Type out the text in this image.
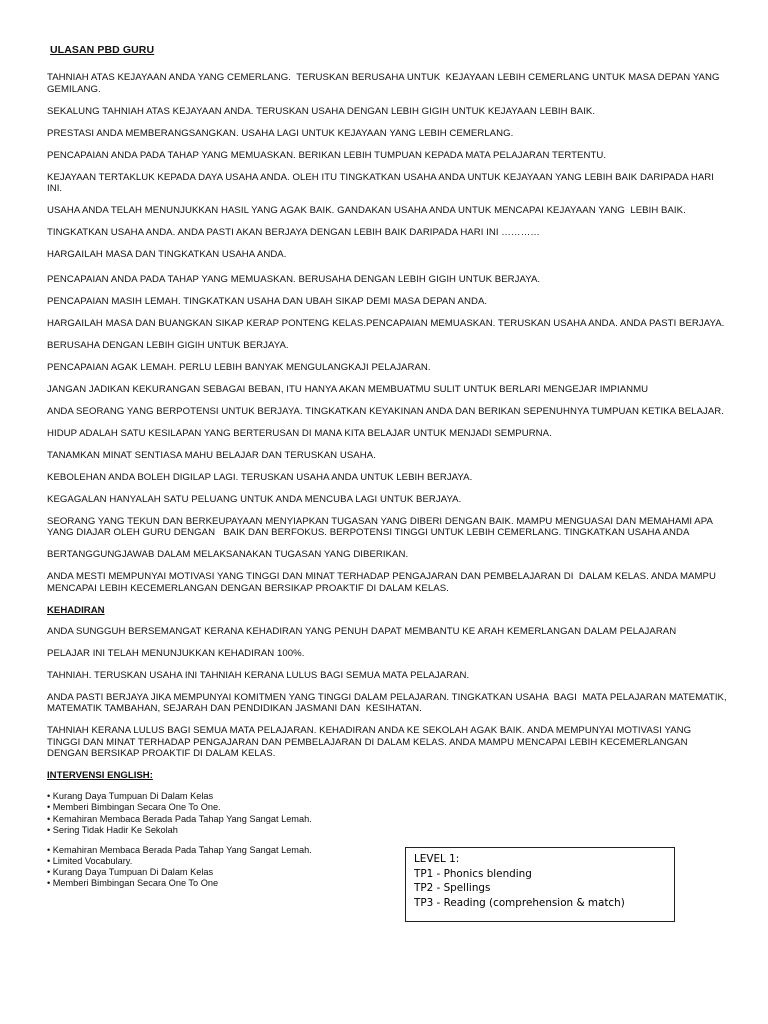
ULASAN PBD GURU

TAHNIAH ATAS KEJAYAAN ANDA YANG CEMERLANG.  TERUSKAN BERUSAHA UNTUK  KEJAYAAN LEBIH CEMERLANG UNTUK MASA DEPAN YANG GEMILANG.

SEKALUNG TAHNIAH ATAS KEJAYAAN ANDA. TERUSKAN USAHA DENGAN LEBIH GIGIH UNTUK KEJAYAAN LEBIH BAIK.

PRESTASI ANDA MEMBERANGSANGKAN. USAHA LAGI UNTUK KEJAYAAN YANG LEBIH CEMERLANG.

PENCAPAIAN ANDA PADA TAHAP YANG MEMUASKAN. BERIKAN LEBIH TUMPUAN KEPADA MATA PELAJARAN TERTENTU.

KEJAYAAN TERTAKLUK KEPADA DAYA USAHA ANDA. OLEH ITU TINGKATKAN USAHA ANDA UNTUK KEJAYAAN YANG LEBIH BAIK DARIPADA HARI INI.

USAHA ANDA TELAH MENUNJUKKAN HASIL YANG AGAK BAIK. GANDAKAN USAHA ANDA UNTUK MENCAPAI KEJAYAAN YANG  LEBIH BAIK.

TINGKATKAN USAHA ANDA. ANDA PASTI AKAN BERJAYA DENGAN LEBIH BAIK DARIPADA HARI INI …………

HARGAILAH MASA DAN TINGKATKAN USAHA ANDA.

PENCAPAIAN ANDA PADA TAHAP YANG MEMUASKAN. BERUSAHA DENGAN LEBIH GIGIH UNTUK BERJAYA.

PENCAPAIAN MASIH LEMAH. TINGKATKAN USAHA DAN UBAH SIKAP DEMI MASA DEPAN ANDA.

HARGAILAH MASA DAN BUANGKAN SIKAP KERAP PONTENG KELAS.PENCAPAIAN MEMUASKAN. TERUSKAN USAHA ANDA. ANDA PASTI BERJAYA.

BERUSAHA DENGAN LEBIH GIGIH UNTUK BERJAYA.

PENCAPAIAN AGAK LEMAH. PERLU LEBIH BANYAK MENGULANGKAJI PELAJARAN.

JANGAN JADIKAN KEKURANGAN SEBAGAI BEBAN, ITU HANYA AKAN MEMBUATMU SULIT UNTUK BERLARI MENGEJAR IMPIANMU

ANDA SEORANG YANG BERPOTENSI UNTUK BERJAYA. TINGKATKAN KEYAKINAN ANDA DAN BERIKAN SEPENUHNYA TUMPUAN KETIKA BELAJAR.

HIDUP ADALAH SATU KESILAPAN YANG BERTERUSAN DI MANA KITA BELAJAR UNTUK MENJADI SEMPURNA.

TANAMKAN MINAT SENTIASA MAHU BELAJAR DAN TERUSKAN USAHA.

KEBOLEHAN ANDA BOLEH DIGILAP LAGI. TERUSKAN USAHA ANDA UNTUK LEBIH BERJAYA.

KEGAGALAN HANYALAH SATU PELUANG UNTUK ANDA MENCUBA LAGI UNTUK BERJAYA.

SEORANG YANG TEKUN DAN BERKEUPAYAAN MENYIAPKAN TUGASAN YANG DIBERI DENGAN BAIK. MAMPU MENGUASAI DAN MEMAHAMI APA YANG DIAJAR OLEH GURU DENGAN   BAIK DAN BERFOKUS. BERPOTENSI TINGGI UNTUK LEBIH CEMERLANG. TINGKATKAN USAHA ANDA

BERTANGGUNGJAWAB DALAM MELAKSANAKAN TUGASAN YANG DIBERIKAN.

ANDA MESTI MEMPUNYAI MOTIVASI YANG TINGGI DAN MINAT TERHADAP PENGAJARAN DAN PEMBELAJARAN DI  DALAM KELAS. ANDA MAMPU MENCAPAI LEBIH KECEMERLANGAN DENGAN BERSIKAP PROAKTIF DI DALAM KELAS.

KEHADIRAN

ANDA SUNGGUH BERSEMANGAT KERANA KEHADIRAN YANG PENUH DAPAT MEMBANTU KE ARAH KEMERLANGAN DALAM PELAJARAN

PELAJAR INI TELAH MENUNJUKKAN KEHADIRAN 100%.

TAHNIAH. TERUSKAN USAHA INI TAHNIAH KERANA LULUS BAGI SEMUA MATA PELAJARAN.

ANDA PASTI BERJAYA JIKA MEMPUNYAI KOMITMEN YANG TINGGI DALAM PELAJARAN. TINGKATKAN USAHA  BAGI  MATA PELAJARAN MATEMATIK, MATEMATIK TAMBAHAN, SEJARAH DAN PENDIDIKAN JASMANI DAN  KESIHATAN.

TAHNIAH KERANA LULUS BAGI SEMUA MATA PELAJARAN. KEHADIRAN ANDA KE SEKOLAH AGAK BAIK. ANDA MEMPUNYAI MOTIVASI YANG TINGGI DAN MINAT TERHADAP PENGAJARAN DAN PEMBELAJARAN DI DALAM KELAS. ANDA MAMPU MENCAPAI LEBIH KECEMERLANGAN DENGAN BERSIKAP PROAKTIF DI DALAM KELAS.

INTERVENSI ENGLISH:
• Kurang Daya Tumpuan Di Dalam Kelas
• Memberi Bimbingan Secara One To One.
• Kemahiran Membaca Berada Pada Tahap Yang Sangat Lemah.
• Sering Tidak Hadir Ke Sekolah
• Kemahiran Membaca Berada Pada Tahap Yang Sangat Lemah.
• Limited Vocabulary.
• Kurang Daya Tumpuan Di Dalam Kelas
• Memberi Bimbingan Secara One To One
LEVEL 1:
TP1 - Phonics blending
TP2 - Spellings
TP3 - Reading (comprehension & match)
